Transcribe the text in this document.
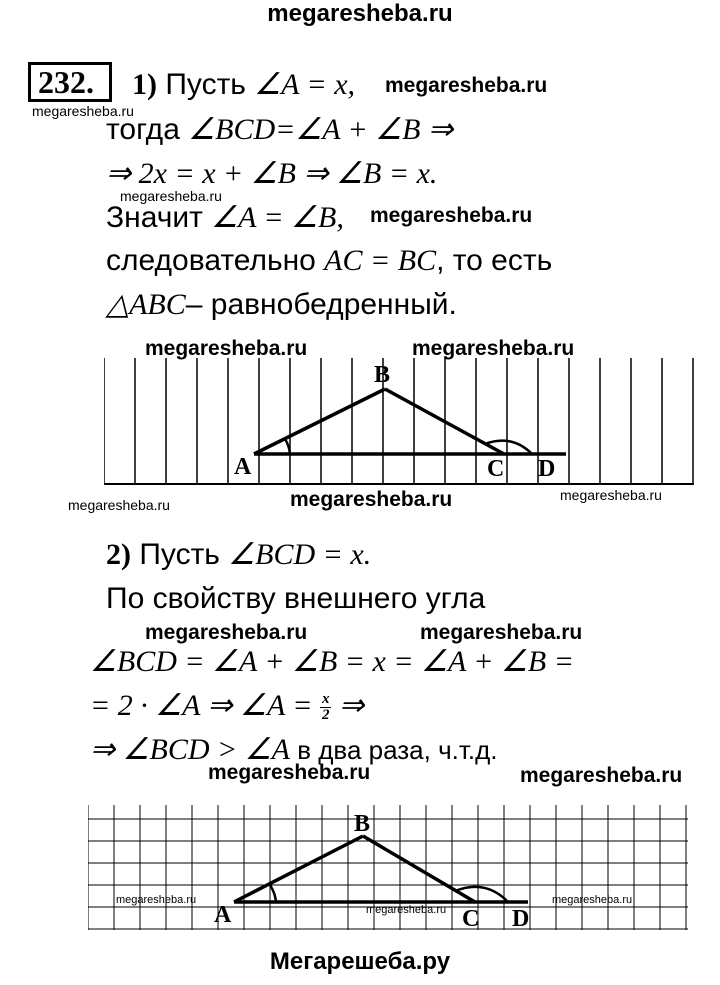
megaresheba.ru
232. 1) Пусть ∠A = x, megaresheba.ru
megaresheba.ru
тогда ∠BCD=∠A + ∠B ⇒
⇒ 2x = x + ∠B ⇒ ∠B = x.
megaresheba.ru
Значит ∠A = ∠B, megaresheba.ru
следовательно AC = BC, то есть
△ABC– равнобедренный.
megaresheba.ru	megaresheba.ru
A
B
C D
megaresheba.ru	megaresheba.ru	megaresheba.ru
2) Пусть ∠BCD = x.
По свойству внешнего угла
megaresheba.ru	megaresheba.ru
∠BCD = ∠A + ∠B = x = ∠A + ∠B =
= 2 · ∠A ⇒ ∠A = $\frac{x}{2}$ ⇒
⇒ ∠BCD > ∠A в два раза, ч.т.д.
megaresheba.ru	megaresheba.ru
A
B
C D
megaresheba.ru
megaresheba.ru
megaresheba.ru
Мегарешеба.ру
